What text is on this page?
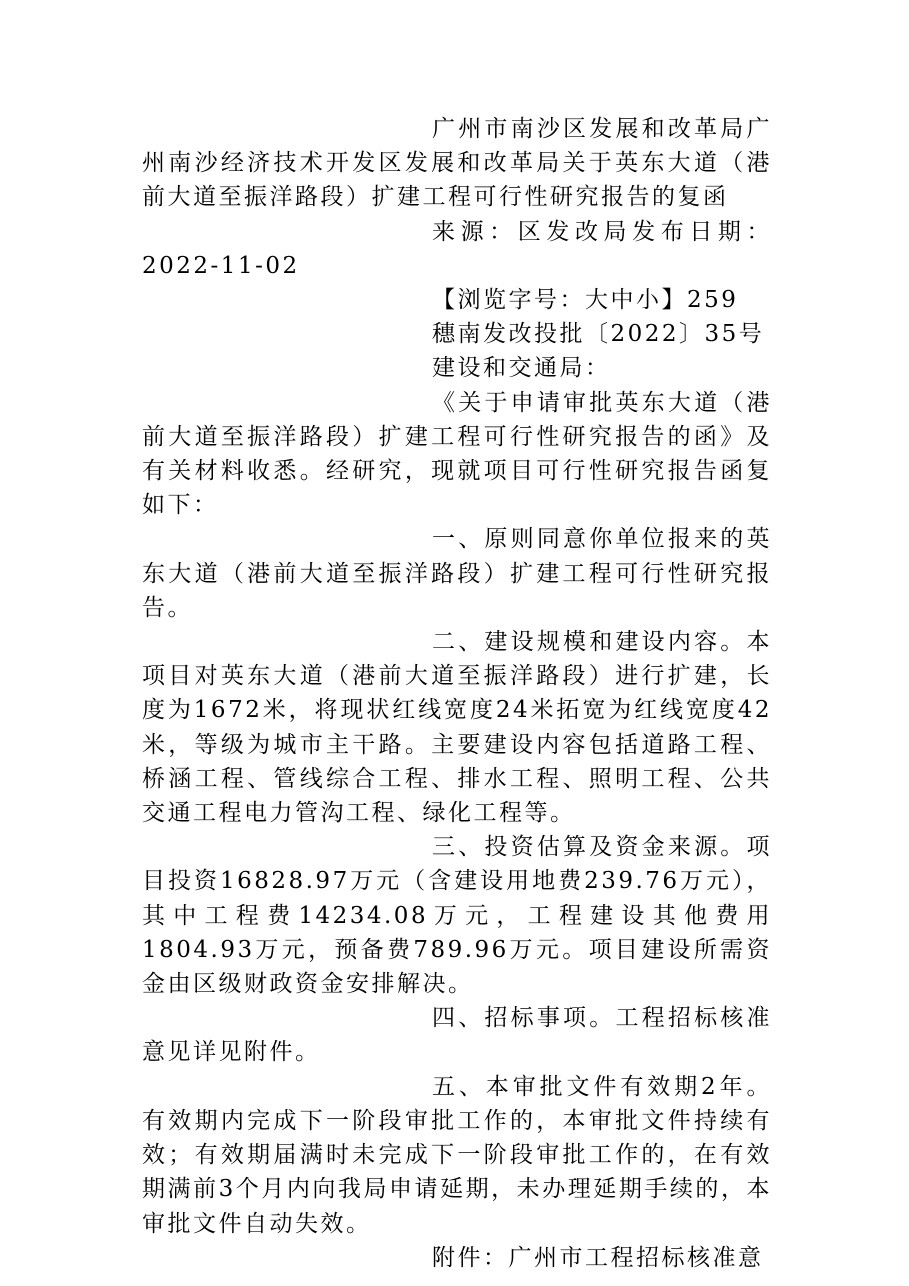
广州市南沙区发展和改革局广州南沙经济技术开发区发展和改革局关于英东大道（港前大道至振洋路段）扩建工程可行性研究报告的复函

来源：区发改局发布日期：

2022-11-02

【浏览字号：大中小】259

穗南发改投批〔2022〕35号

建设和交通局：

《关于申请审批英东大道（港前大道至振洋路段）扩建工程可行性研究报告的函》及有关材料收悉。经研究，现就项目可行性研究报告函复如下：

一、原则同意你单位报来的英东大道（港前大道至振洋路段）扩建工程可行性研究报告。

二、建设规模和建设内容。本项目对英东大道（港前大道至振洋路段）进行扩建，长度为1672米，将现状红线宽度24米拓宽为红线宽度42米，等级为城市主干路。主要建设内容包括道路工程、桥涵工程、管线综合工程、排水工程、照明工程、公共交通工程电力管沟工程、绿化工程等。

三、投资估算及资金来源。项目投资16828.97万元（含建设用地费239.76万元），其中工程费14234.08万元，工程建设其他费用1804.93万元，预备费789.96万元。项目建设所需资金由区级财政资金安排解决。

四、招标事项。工程招标核准意见详见附件。

五、本审批文件有效期2年。有效期内完成下一阶段审批工作的，本审批文件持续有效；有效期届满时未完成下一阶段审批工作的，在有效期满前3个月内向我局申请延期，未办理延期手续的，本审批文件自动失效。

附件：广州市工程招标核准意
